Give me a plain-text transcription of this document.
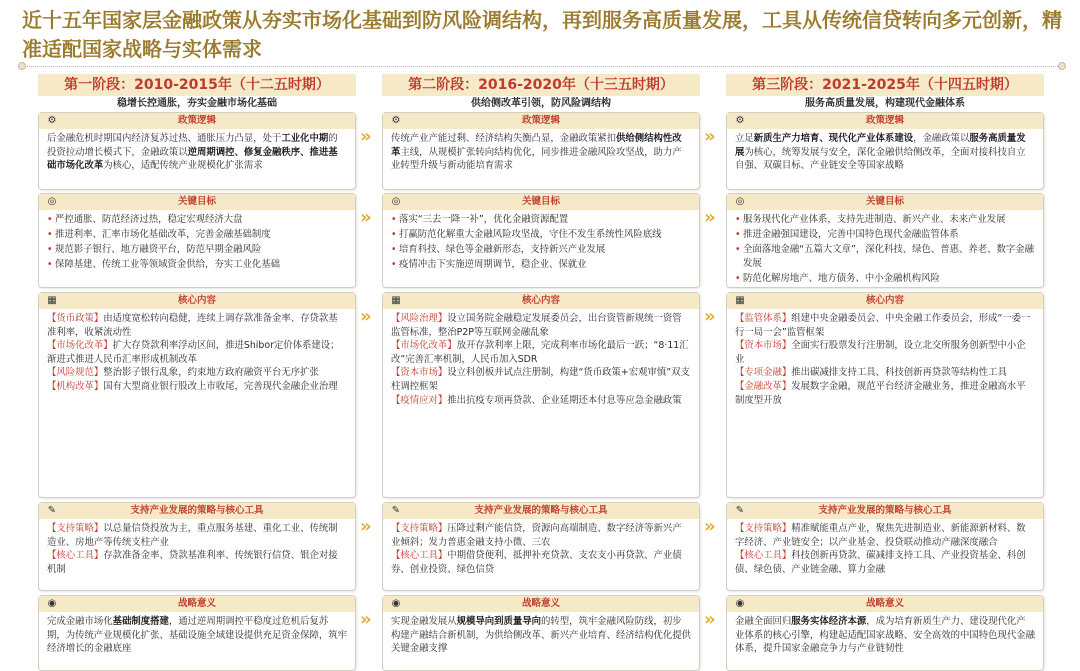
近十五年国家层金融政策从夯实市场化基础到防风险调结构，再到服务高质量发展，工具从传统信贷转向多元创新，精准适配国家战略与实体需求
第一阶段：2010-2015年（十二五时期）
稳增长控通胀，夯实金融市场化基础
⚙	政策逻辑

后金融危机时期国内经济复苏过热、通胀压力凸显，处于工业化中期的投资拉动增长模式下，金融政策以逆周期调控、修复金融秩序、推进基础市场化改革为核心，适配传统产业规模化扩张需求

◎	关键目标
• 严控通胀、防范经济过热，稳定宏观经济大盘
• 推进利率、汇率市场化基础改革，完善金融基础制度
• 规范影子银行、地方融资平台，防范早期金融风险
• 保障基建、传统工业等领域资金供给，夯实工业化基础
▦	核心内容

【货币政策】由适度宽松转向稳健，连续上调存款准备金率、存贷款基准利率，收紧流动性

【市场化改革】扩大存贷款利率浮动区间，推进Shibor定价体系建设；渐进式推进人民币汇率形成机制改革

【风险规范】整治影子银行乱象，约束地方政府融资平台无序扩张

【机构改革】国有大型商业银行股改上市收尾，完善现代金融企业治理

✎	支持产业发展的策略与核心工具

【支持策略】以总量信贷投放为主，重点服务基建、重化工业、传统制造业、房地产等传统支柱产业

【核心工具】存款准备金率、贷款基准利率、传统银行信贷、银企对接机制

◉	战略意义

完成金融市场化基础制度搭建，通过逆周期调控平稳度过危机后复苏期，为传统产业规模化扩张、基础设施全域建设提供充足资金保障，筑牢经济增长的金融底座

第二阶段：2016-2020年（十三五时期）
供给侧改革引领，防风险调结构
⚙	政策逻辑

传统产业产能过剩、经济结构失衡凸显，金融政策紧扣供给侧结构性改革主线，从规模扩张转向结构优化，同步推进金融风险攻坚战，助力产业转型升级与新动能培育需求

◎	关键目标
• 落实“三去一降一补”，优化金融资源配置
• 打赢防范化解重大金融风险攻坚战，守住不发生系统性风险底线
• 培育科技、绿色等金融新形态，支持新兴产业发展
• 疫情冲击下实施逆周期调节，稳企业、保就业
▦	核心内容

【风险治理】设立国务院金融稳定发展委员会，出台资管新规统一资管监管标准，整治P2P等互联网金融乱象

【市场化改革】放开存款利率上限，完成利率市场化最后一跃；“8·11汇改”完善汇率机制，人民币加入SDR

【资本市场】设立科创板并试点注册制，构建“货币政策+宏观审慎”双支柱调控框架

【疫情应对】推出抗疫专项再贷款、企业延期还本付息等应急金融政策

✎	支持产业发展的策略与核心工具

【支持策略】压降过剩产能信贷，资源向高端制造、数字经济等新兴产业倾斜；发力普惠金融支持小微、三农

【核心工具】中期借贷便利、抵押补充贷款、支农支小再贷款、产业债券、创业投资、绿色信贷

◉	战略意义

实现金融发展从规模导向到质量导向的转型，筑牢金融风险防线，初步构建产融结合新机制，为供给侧改革、新兴产业培育、经济结构优化提供关键金融支撑

第三阶段：2021-2025年（十四五时期）
服务高质量发展，构建现代金融体系
⚙	政策逻辑

立足新质生产力培育、现代化产业体系建设，金融政策以服务高质量发展为核心，统筹发展与安全，深化金融供给侧改革，全面对接科技自立自强、双碳目标、产业链安全等国家战略

◎	关键目标
• 服务现代化产业体系，支持先进制造、新兴产业、未来产业发展
• 推进金融强国建设，完善中国特色现代金融监管体系
• 全面落地金融“五篇大文章”，深化科技、绿色、普惠、养老、数字金融发展
• 防范化解房地产、地方债务、中小金融机构风险
▦	核心内容

【监管体系】组建中央金融委员会、中央金融工作委员会，形成“一委一行一局一会”监管框架

【资本市场】全面实行股票发行注册制，设立北交所服务创新型中小企业

【专项金融】推出碳减排支持工具、科技创新再贷款等结构性工具

【金融改革】发展数字金融，规范平台经济金融业务，推进金融高水平制度型开放

✎	支持产业发展的策略与核心工具

【支持策略】精准赋能重点产业，聚焦先进制造业、新能源新材料、数字经济、产业链安全；以产业基金、投贷联动推动产融深度融合

【核心工具】科技创新再贷款、碳减排支持工具、产业投资基金、科创债、绿色债、产业链金融、算力金融

◉	战略意义

金融全面回归服务实体经济本源，成为培育新质生产力、建设现代化产业体系的核心引擎，构建起适配国家战略、安全高效的中国特色现代金融体系，提升国家金融竞争力与产业链韧性

»
»
»
»
»
»
»
»
»
»
